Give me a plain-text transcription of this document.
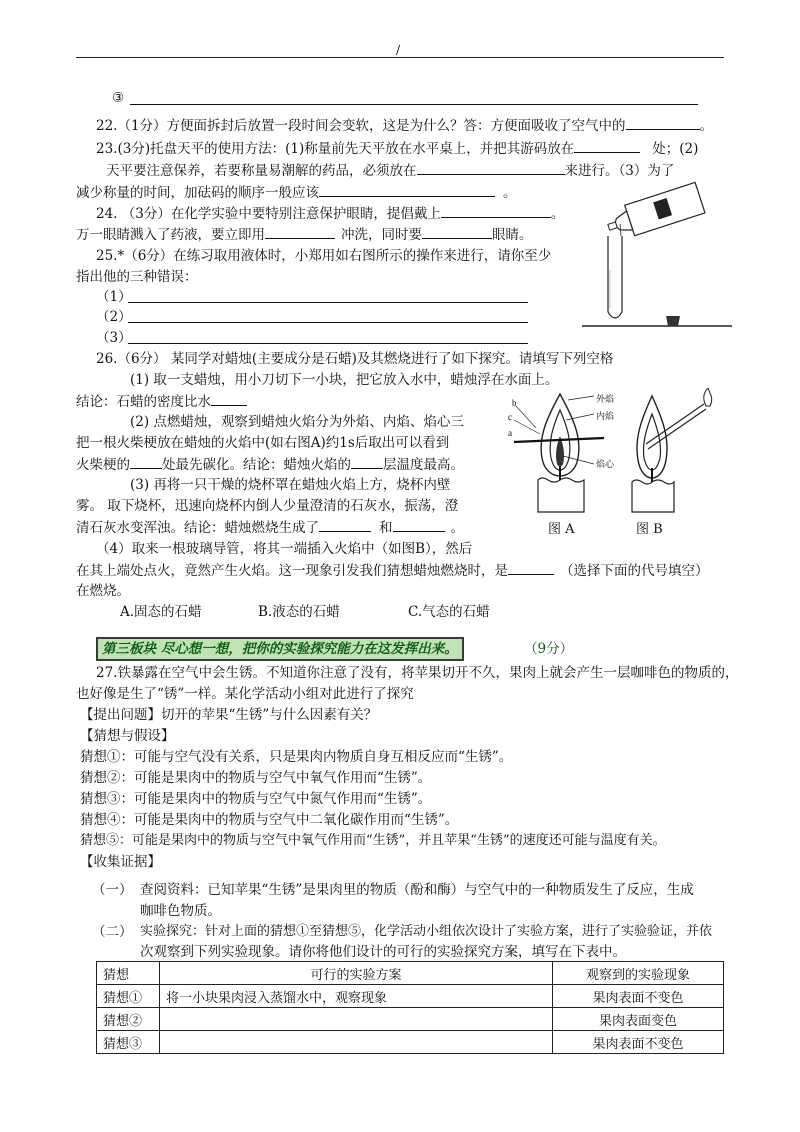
/
③
22.（1分）方便面拆封后放置一段时间会变软，这是为什么？答：方便面吸收了空气中的	。
23.(3分)托盘天平的使用方法：(1)称量前先天平放在水平桌上，并把其游码放在	处；(2)
天平要注意保养，若要称量易潮解的药品，必须放在	来进行。（3）为了
减少称量的时间，加砝码的顺序一般应该	。
24. （3分）在化学实验中要特别注意保护眼睛，提倡戴上	。
万一眼睛溅入了药液，要立即用	冲洗，同时要	眼睛。
25.*（6分）在练习取用液体时，小郑用如右图所示的操作来进行，请你至少
指出他的三种错误：
（1）
（2）
（3）
26.（6分） 某同学对蜡烛(主要成分是石蜡)及其燃烧进行了如下探究。请填写下列空格
(1) 取一支蜡烛，用小刀切下一小块，把它放入水中，蜡烛浮在水面上。
结论：石蜡的密度比水
(2) 点燃蜡烛，观察到蜡烛火焰分为外焰、内焰、焰心三
把一根火柴梗放在蜡烛的火焰中(如右图A)约1s后取出可以看到
火柴梗的 处最先碳化。结论：蜡烛火焰的 层温度最高。
(3) 再将一只干燥的烧杯罩在蜡烛火焰上方，烧杯内壁
雾。 取下烧杯，迅速向烧杯内倒人少量澄清的石灰水，振荡，澄
清石灰水变浑浊。结论：蜡烛燃烧生成了	和	。
（4）取来一根玻璃导管，将其一端插入火焰中（如图B），然后
在其上端处点火，竟然产生火焰。这一现象引发我们猜想蜡烛燃烧时，是	（选择下面的代号填空）
在燃烧。
A.固态的石蜡	B.液态的石蜡	C.气态的石蜡
b
c
a
外焰
内焰
焰心
图 A	图 B
第三板块 尽心想一想，把你的实验探究能力在这发挥出来。	（9分）
27.铁暴露在空气中会生锈。不知道你注意了没有，将苹果切开不久，果肉上就会产生一层咖啡色的物质的，
也好像是生了“锈”一样。某化学活动小组对此进行了探究
【提出问题】切开的苹果“生锈”与什么因素有关？
【猜想与假设】
猜想①：可能与空气没有关系，只是果肉内物质自身互相反应而“生锈”。
猜想②：可能是果肉中的物质与空气中氧气作用而“生锈”。
猜想③：可能是果肉中的物质与空气中氮气作用而“生锈”。
猜想④：可能是果肉中的物质与空气中二氧化碳作用而“生锈”。
猜想⑤：可能是果肉中的物质与空气中氧气作用而“生锈”，并且苹果“生锈”的速度还可能与温度有关。
【收集证据】
（一） 查阅资料：已知苹果“生锈”是果肉里的物质（酚和酶）与空气中的一种物质发生了反应，生成
咖啡色物质。
（二） 实验探究：针对上面的猜想①至猜想⑤，化学活动小组依次设计了实验方案，进行了实验验证，并依
次观察到下列实验现象。请你将他们设计的可行的实验探究方案，填写在下表中。
猜想	可行的实验方案	观察到的实验现象
猜想①	将一小块果肉浸入蒸馏水中，观察现象	果肉表面不变色
猜想②		果肉表面变色
猜想③		果肉表面不变色
